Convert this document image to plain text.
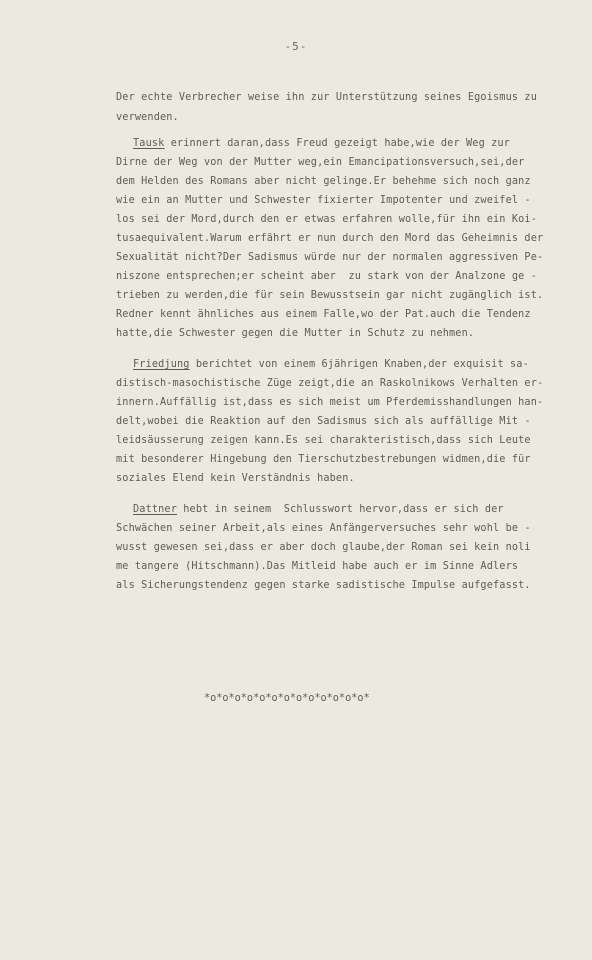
-5-
Der echte Verbrecher weise ihn zur Unterstützung seines Egoismus zu
verwenden.
Tausk erinnert daran,dass Freud gezeigt habe,wie der Weg zur
Dirne der Weg von der Mutter weg,ein Emancipationsversuch,sei,der
dem Helden des Romans aber nicht gelinge.Er behehme sich noch ganz
wie ein an Mutter und Schwester fixierter Impotenter und zweifel -
los sei der Mord,durch den er etwas erfahren wolle,für ihn ein Koi-
tusaequivalent.Warum erfährt er nun durch den Mord das Geheimnis der
Sexualität nicht?Der Sadismus würde nur der normalen aggressiven Pe-
niszone entsprechen;er scheint aber  zu stark von der Analzone ge -
trieben zu werden,die für sein Bewusstsein gar nicht zugänglich ist.
Redner kennt ähnliches aus einem Falle,wo der Pat.auch die Tendenz
hatte,die Schwester gegen die Mutter in Schutz zu nehmen.
Friedjung berichtet von einem 6jährigen Knaben,der exquisit sa-
distisch-masochistische Züge zeigt,die an Raskolnikows Verhalten er-
innern.Auffällig ist,dass es sich meist um Pferdemisshandlungen han-
delt,wobei die Reaktion auf den Sadismus sich als auffällige Mit -
leidsäusserung zeigen kann.Es sei charakteristisch,dass sich Leute
mit besonderer Hingebung den Tierschutzbestrebungen widmen,die für
soziales Elend kein Verständnis haben.
Dattner hebt in seinem  Schlusswort hervor,dass er sich der
Schwächen seiner Arbeit,als eines Anfängerversuches sehr wohl be -
wusst gewesen sei,dass er aber doch glaube,der Roman sei kein noli
me tangere (Hitschmann).Das Mitleid habe auch er im Sinne Adlers
als Sicherungstendenz gegen starke sadistische Impulse aufgefasst.
*o*o*o*o*o*o*o*o*o*o*o*o*o*
